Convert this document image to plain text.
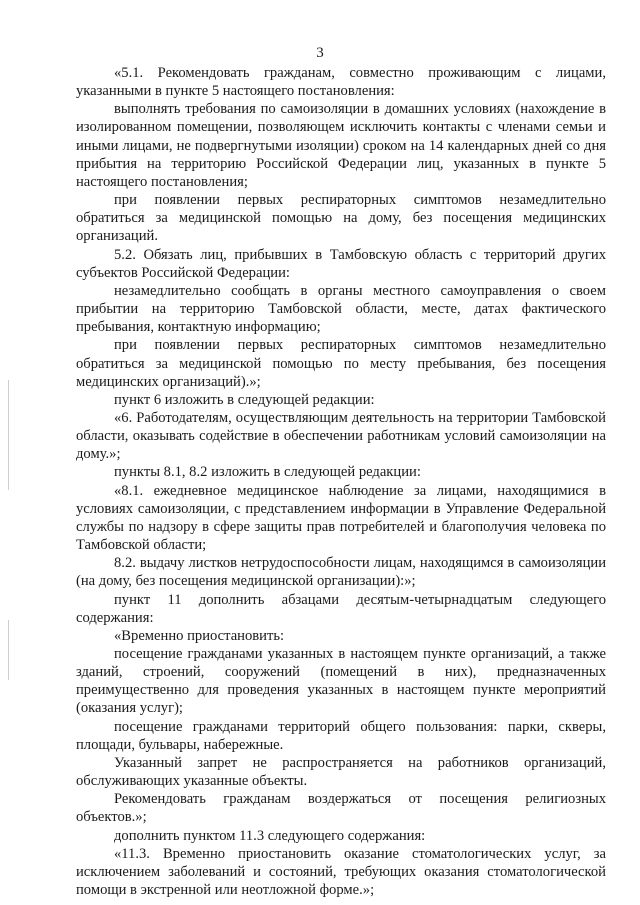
3

«5.1. Рекомендовать гражданам, совместно проживающим с лицами, указанными в пункте 5 настоящего постановления:

выполнять требования по самоизоляции в домашних условиях (нахождение в изолированном помещении, позволяющем исключить контакты с членами семьи и иными лицами, не подвергнутыми изоляции) сроком на 14 календарных дней со дня прибытия на территорию Российской Федерации лиц, указанных в пункте 5 настоящего постановления;

при появлении первых респираторных симптомов незамедлительно обратиться за медицинской помощью на дому, без посещения медицинских организаций.

5.2. Обязать лиц, прибывших в Тамбовскую область с территорий других субъектов Российской Федерации:

незамедлительно сообщать в органы местного самоуправления о своем прибытии на территорию Тамбовской области, месте, датах фактического пребывания, контактную информацию;

при появлении первых респираторных симптомов незамедлительно обратиться за медицинской помощью по месту пребывания, без посещения медицинских организаций).»;

пункт 6 изложить в следующей редакции:

«6. Работодателям, осуществляющим деятельность на территории Тамбовской области, оказывать содействие в обеспечении работникам условий самоизоляции на дому.»;

пункты 8.1, 8.2 изложить в следующей редакции:

«8.1. ежедневное медицинское наблюдение за лицами, находящимися в условиях самоизоляции, с представлением информации в Управление Федеральной службы по надзору в сфере защиты прав потребителей и благополучия человека по Тамбовской области;

8.2. выдачу листков нетрудоспособности лицам, находящимся в самоизоляции (на дому, без посещения медицинской организации):»;

пункт 11 дополнить абзацами десятым-четырнадцатым следующего содержания:

«Временно приостановить:

посещение гражданами указанных в настоящем пункте организаций, а также зданий, строений, сооружений (помещений в них), предназначенных преимущественно для проведения указанных в настоящем пункте мероприятий (оказания услуг);

посещение гражданами территорий общего пользования: парки, скверы, площади, бульвары, набережные.

Указанный запрет не распространяется на работников организаций, обслуживающих указанные объекты.

Рекомендовать гражданам воздержаться от посещения религиозных объектов.»;

дополнить пунктом 11.3 следующего содержания:

«11.3. Временно приостановить оказание стоматологических услуг, за исключением заболеваний и состояний, требующих оказания стоматологической помощи в экстренной или неотложной форме.»;
